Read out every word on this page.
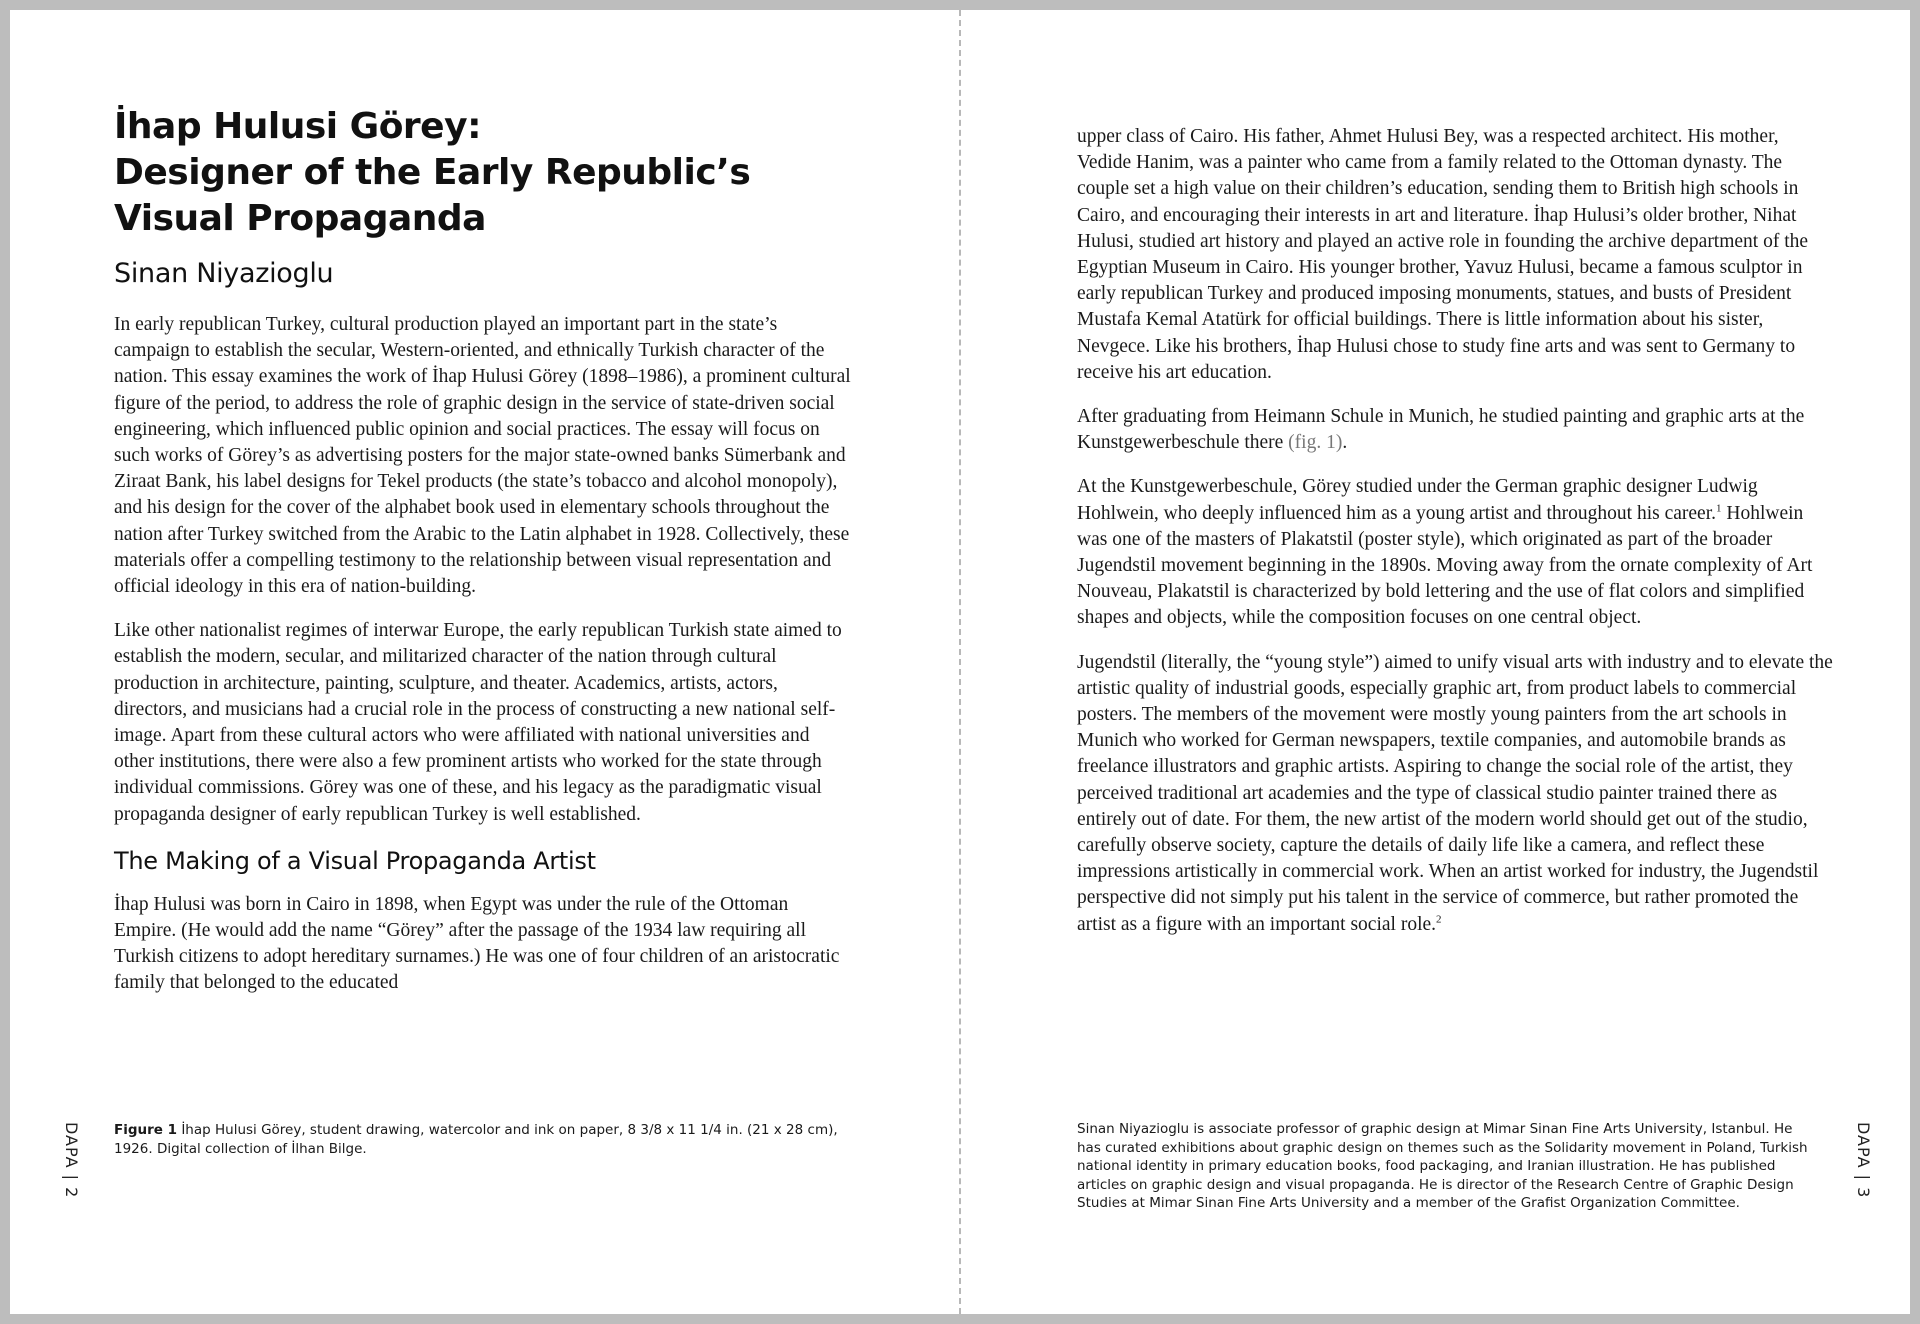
İhap Hulusi Görey:
Designer of the Early Republic’s
Visual Propaganda
Sinan Niyazioglu

In early republican Turkey, cultural production played an important part in the state’s campaign to establish the secular, Western-oriented, and ethnically Turkish character of the nation. This essay examines the work of İhap Hulusi Görey (1898–1986), a prominent cultural figure of the period, to address the role of graphic design in the service of state-driven social engineering, which influenced public opinion and social practices. The essay will focus on such works of Görey’s as advertising posters for the major state-owned banks Sümerbank and Ziraat Bank, his label designs for Tekel products (the state’s tobacco and alcohol monopoly), and his design for the cover of the alphabet book used in elementary schools throughout the nation after Turkey switched from the Arabic to the Latin alphabet in 1928. Collectively, these materials offer a compelling testimony to the relationship between visual representation and official ideology in this era of nation-building.

Like other nationalist regimes of interwar Europe, the early republican Turkish state aimed to establish the modern, secular, and militarized character of the nation through cultural production in architecture, painting, sculpture, and theater. Academics, artists, actors, directors, and musicians had a crucial role in the process of constructing a new national self-image. Apart from these cultural actors who were affiliated with national universities and other institutions, there were also a few prominent artists who worked for the state through individual commissions. Görey was one of these, and his legacy as the paradigmatic visual propaganda designer of early republican Turkey is well established.

The Making of a Visual Propaganda Artist

İhap Hulusi was born in Cairo in 1898, when Egypt was under the rule of the Ottoman Empire. (He would add the name “Görey” after the passage of the 1934 law requiring all Turkish citizens to adopt hereditary surnames.) He was one of four children of an aristocratic family that belonged to the educated

Figure 1 İhap Hulusi Görey, student drawing, watercolor and ink on paper, 8 3/8 x 11 1/4 in. (21 x 28 cm), 1926. Digital collection of İlhan Bilge.

DAPA | 2

upper class of Cairo. His father, Ahmet Hulusi Bey, was a respected architect. His mother, Vedide Hanim, was a painter who came from a family related to the Ottoman dynasty. The couple set a high value on their children’s education, sending them to British high schools in Cairo, and encouraging their interests in art and literature. İhap Hulusi’s older brother, Nihat Hulusi, studied art history and played an active role in founding the archive department of the Egyptian Museum in Cairo. His younger brother, Yavuz Hulusi, became a famous sculptor in early republican Turkey and produced imposing monuments, statues, and busts of President Mustafa Kemal Atatürk for official buildings. There is little information about his sister, Nevgece. Like his brothers, İhap Hulusi chose to study fine arts and was sent to Germany to receive his art education.

After graduating from Heimann Schule in Munich, he studied painting and graphic arts at the Kunstgewerbeschule there (fig. 1).

At the Kunstgewerbeschule, Görey studied under the German graphic designer Ludwig Hohlwein, who deeply influenced him as a young artist and throughout his career.$^1$ Hohlwein was one of the masters of Plakatstil (poster style), which originated as part of the broader Jugendstil movement beginning in the 1890s. Moving away from the ornate complexity of Art Nouveau, Plakatstil is characterized by bold lettering and the use of flat colors and simplified shapes and objects, while the composition focuses on one central object.

Jugendstil (literally, the “young style”) aimed to unify visual arts with industry and to elevate the artistic quality of industrial goods, especially graphic art, from product labels to commercial posters. The members of the movement were mostly young painters from the art schools in Munich who worked for German newspapers, textile companies, and automobile brands as freelance illustrators and graphic artists. Aspiring to change the social role of the artist, they perceived traditional art academies and the type of classical studio painter trained there as entirely out of date. For them, the new artist of the modern world should get out of the studio, carefully observe society, capture the details of daily life like a camera, and reflect these impressions artistically in commercial work. When an artist worked for industry, the Jugendstil perspective did not simply put his talent in the service of commerce, but rather promoted the artist as a figure with an important social role.$^2$

Sinan Niyazioglu is associate professor of graphic design at Mimar Sinan Fine Arts University, Istanbul. He has curated exhibitions about graphic design on themes such as the Solidarity movement in Poland, Turkish national identity in primary education books, food packaging, and Iranian illustration. He has published articles on graphic design and visual propaganda. He is director of the Research Centre of Graphic Design Studies at Mimar Sinan Fine Arts University and a member of the Grafist Organization Committee.

DAPA | 3
